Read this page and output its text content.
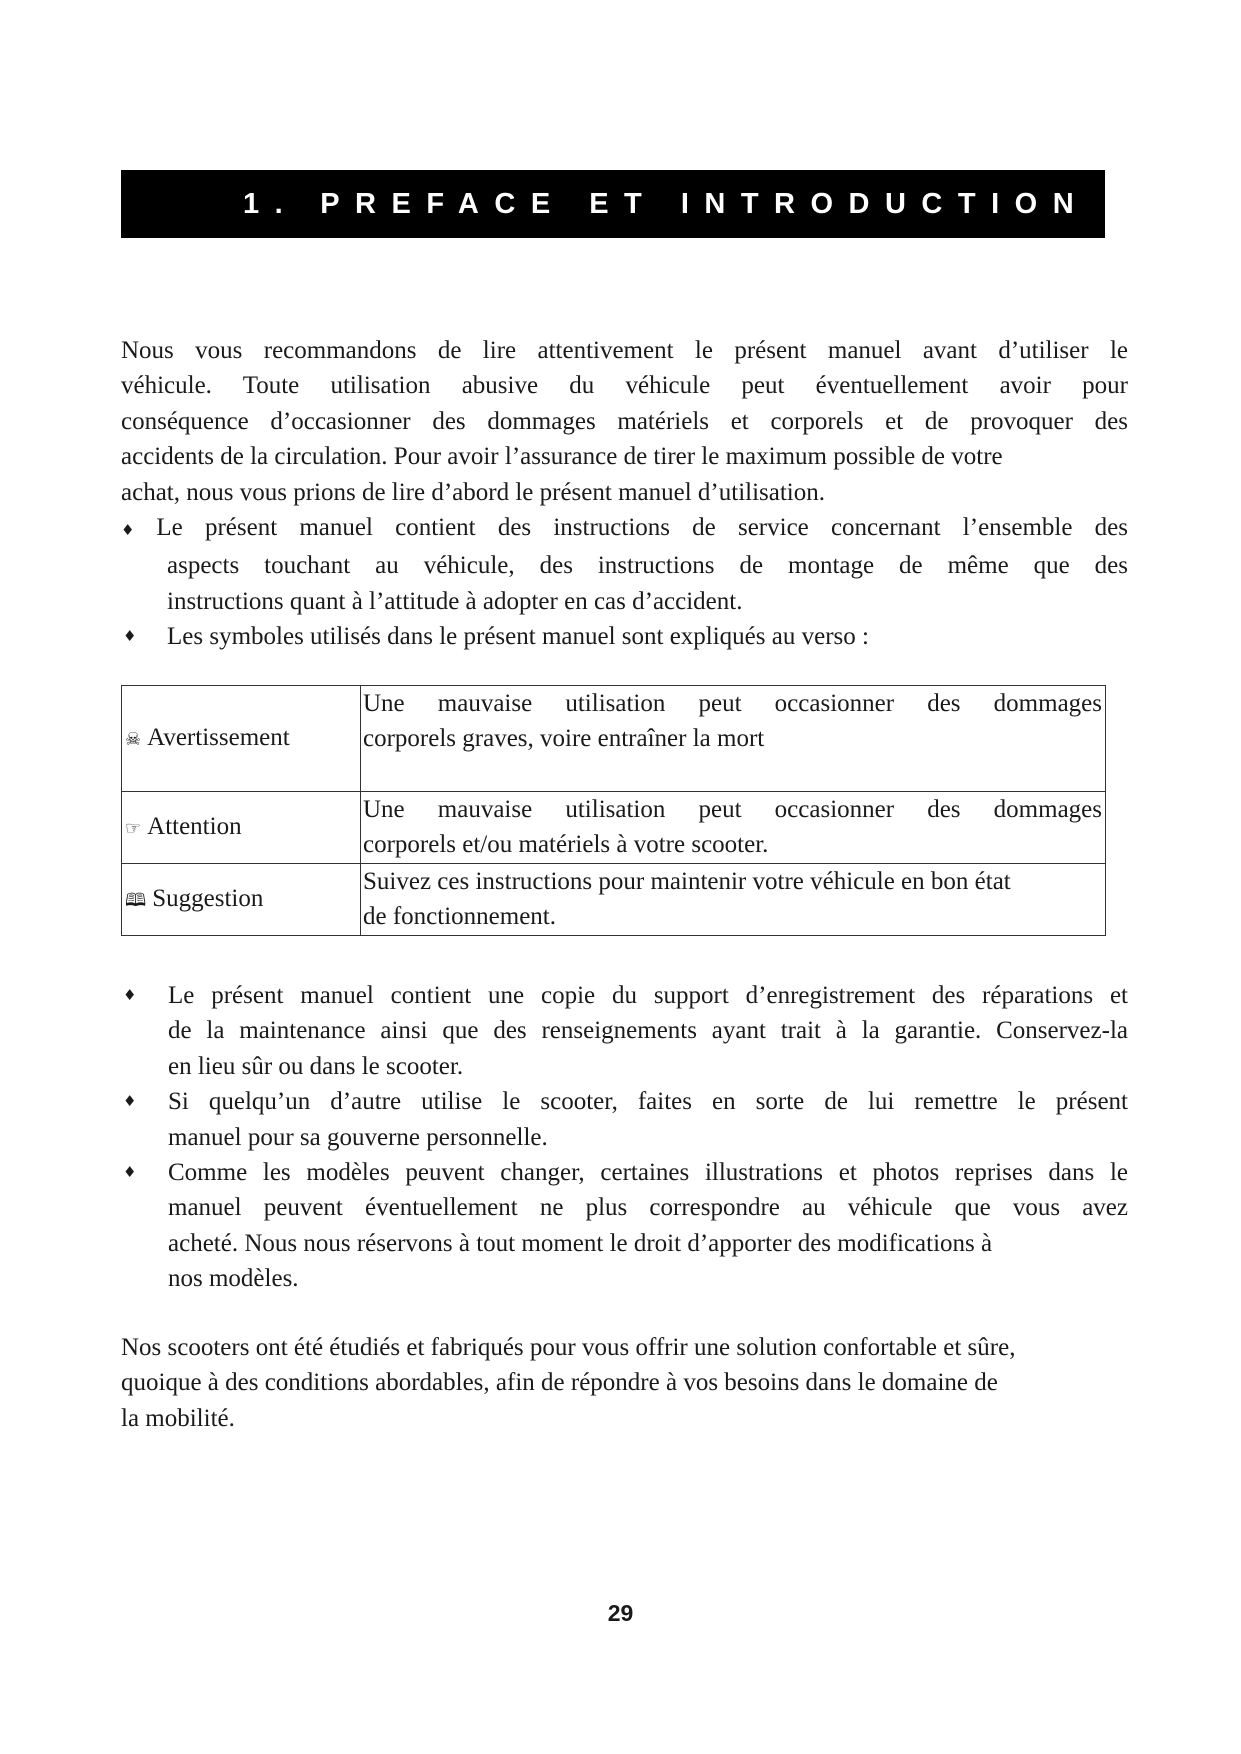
1. PREFACE ET INTRODUCTION
Nous vous recommandons de lire attentivement le présent manuel avant d’utiliser le
véhicule. Toute utilisation abusive du véhicule peut éventuellement avoir pour
conséquence d’occasionner des dommages matériels et corporels et de provoquer des
accidents de la circulation. Pour avoir l’assurance de tirer le maximum possible de votre
achat, nous vous prions de lire d’abord le présent manuel d’utilisation.
♦ Le présent manuel contient des instructions de service concernant l’ensemble des
aspects touchant au véhicule, des instructions de montage de même que des
instructions quant à l’attitude à adopter en cas d’accident.
♦ Les symboles utilisés dans le présent manuel sont expliqués au verso :
☠ Avertissement	Une mauvaise utilisation peut occasionner des dommages
corporels graves, voire entraîner la mort

☞ Attention	Une mauvaise utilisation peut occasionner des dommages
corporels et/ou matériels à votre scooter.

🕮 Suggestion	Suivez ces instructions pour maintenir votre véhicule en bon état
de fonctionnement.
♦ Le présent manuel contient une copie du support d’enregistrement des réparations et
de la maintenance ainsi que des renseignements ayant trait à la garantie. Conservez-la
en lieu sûr ou dans le scooter.
♦ Si quelqu’un d’autre utilise le scooter, faites en sorte de lui remettre le présent
manuel pour sa gouverne personnelle.
♦ Comme les modèles peuvent changer, certaines illustrations et photos reprises dans le
manuel peuvent éventuellement ne plus correspondre au véhicule que vous avez
acheté. Nous nous réservons à tout moment le droit d’apporter des modifications à
nos modèles.
Nos scooters ont été étudiés et fabriqués pour vous offrir une solution confortable et sûre,
quoique à des conditions abordables, afin de répondre à vos besoins dans le domaine de
la mobilité.
29
